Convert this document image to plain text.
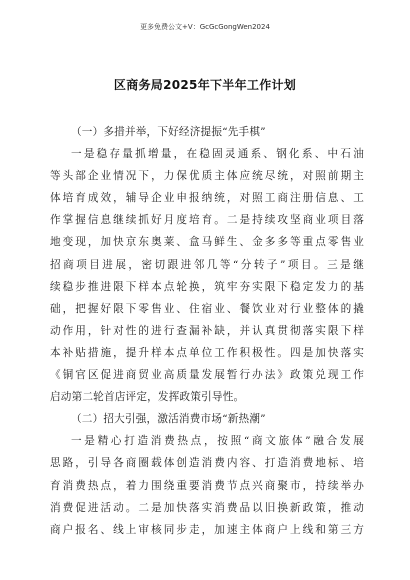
更多免费公文+V：GcGcGongWen2024
区商务局2025年下半年工作计划
（一）多措并举，下好经济提振“先手棋”
一是稳存量抓增量，在稳固灵通系、钢化系、中石油
等头部企业情况下，力保优质主体应统尽统，对照前期主
体培育成效，辅导企业申报纳统，对照工商注册信息、工
作掌握信息继续抓好月度培育。二是持续攻坚商业项目落
地变现，加快京东奥莱、盒马鲜生、金多多等重点零售业
招商项目进展，密切跟进邻几等“分转子”项目。三是继
续稳步推进限下样本点轮换，筑牢夯实限下稳定发力的基
础，把握好限下零售业、住宿业、餐饮业对行业整体的撬
动作用，针对性的进行查漏补缺，并认真贯彻落实限下样
本补贴措施，提升样本点单位工作积极性。四是加快落实
《铜官区促进商贸业高质量发展暂行办法》政策兑现工作
启动第二轮首店评定，发挥政策引导性。
（二）招大引强，激活消费市场“新热潮”
一是精心打造消费热点，按照“商文旅体”融合发展
思路，引导各商圈载体创造消费内容、打造消费地标、培
育消费热点，着力围绕重要消费节点兴商聚市，持续举办
消费促进活动。二是加快落实消费品以旧换新政策，推动
商户报名、线上审核同步走，加速主体商户上线和第三方
